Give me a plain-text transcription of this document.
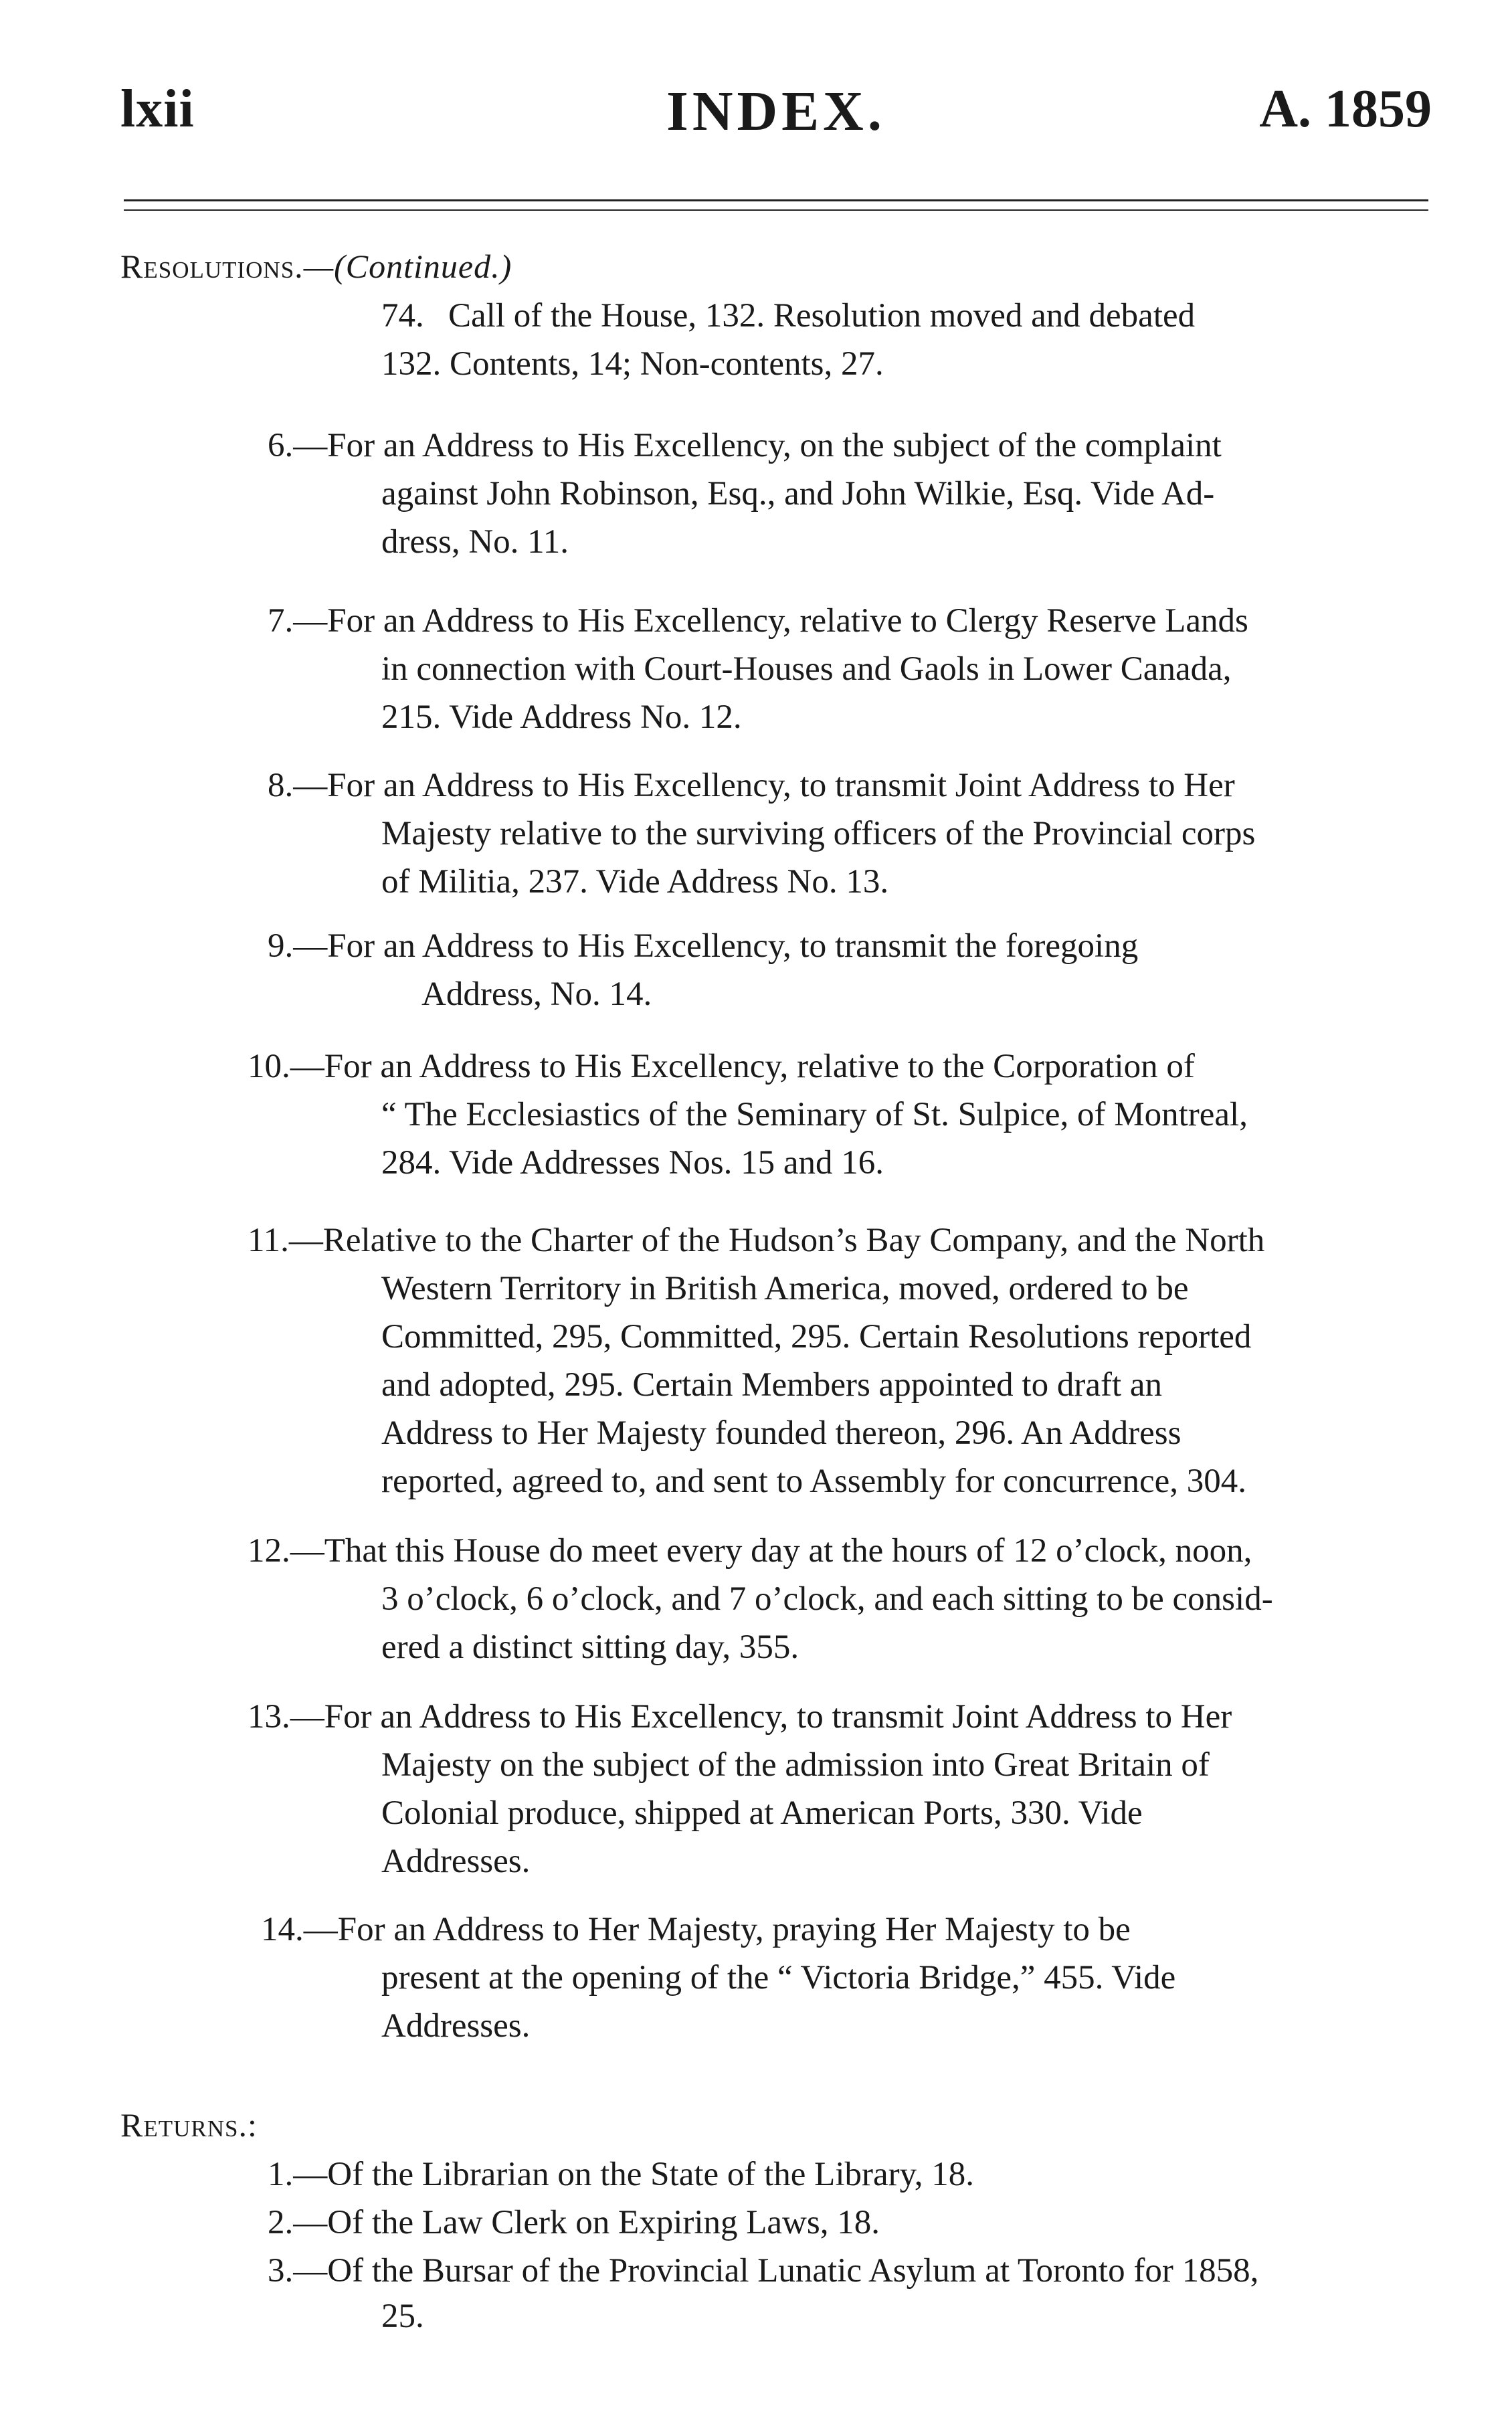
lxii	INDEX.	A. 1859
Resolutions.—(Continued.)
74. Call of the House, 132. Resolution moved and debated
132. Contents, 14; Non-contents, 27.
6.—For an Address to His Excellency, on the subject of the complaint
against John Robinson, Esq., and John Wilkie, Esq. Vide Ad-
dress, No. 11.
7.—For an Address to His Excellency, relative to Clergy Reserve Lands
in connection with Court-Houses and Gaols in Lower Canada,
215. Vide Address No. 12.
8.—For an Address to His Excellency, to transmit Joint Address to Her
Majesty relative to the surviving officers of the Provincial corps
of Militia, 237. Vide Address No. 13.
9.—For an Address to His Excellency, to transmit the foregoing
Address, No. 14.
10.—For an Address to His Excellency, relative to the Corporation of
“ The Ecclesiastics of the Seminary of St. Sulpice, of Montreal,
284. Vide Addresses Nos. 15 and 16.
11.—Relative to the Charter of the Hudson’s Bay Company, and the North
Western Territory in British America, moved, ordered to be
Committed, 295, Committed, 295. Certain Resolutions reported
and adopted, 295. Certain Members appointed to draft an
Address to Her Majesty founded thereon, 296. An Address
reported, agreed to, and sent to Assembly for concurrence, 304.
12.—That this House do meet every day at the hours of 12 o’clock, noon,
3 o’clock, 6 o’clock, and 7 o’clock, and each sitting to be consid-
ered a distinct sitting day, 355.
13.—For an Address to His Excellency, to transmit Joint Address to Her
Majesty on the subject of the admission into Great Britain of
Colonial produce, shipped at American Ports, 330. Vide
Addresses.
14.—For an Address to Her Majesty, praying Her Majesty to be
present at the opening of the “ Victoria Bridge,” 455. Vide
Addresses.
Returns.:
1.—Of the Librarian on the State of the Library, 18.
2.—Of the Law Clerk on Expiring Laws, 18.
3.—Of the Bursar of the Provincial Lunatic Asylum at Toronto for 1858,
25.
